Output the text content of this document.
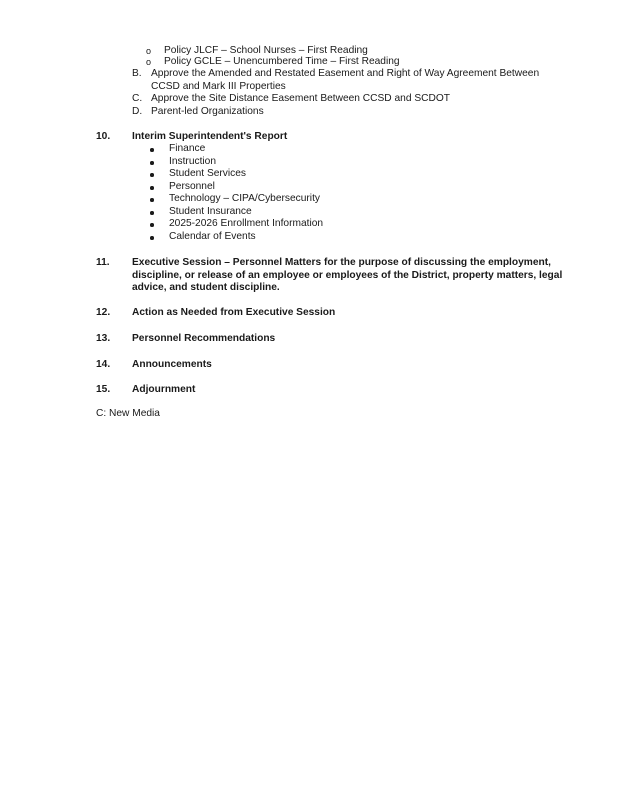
o Policy JLCF – School Nurses – First Reading
o Policy GCLE – Unencumbered Time – First Reading
B. Approve the Amended and Restated Easement and Right of Way Agreement Between
CCSD and Mark III Properties
C. Approve the Site Distance Easement Between CCSD and SCDOT
D. Parent-led Organizations
10. Interim Superintendent's Report
Finance
Instruction
Student Services
Personnel
Technology – CIPA/Cybersecurity
Student Insurance
2025-2026 Enrollment Information
Calendar of Events
11. Executive Session – Personnel Matters for the purpose of discussing the employment,
discipline, or release of an employee or employees of the District, property matters, legal
advice, and student discipline.
12. Action as Needed from Executive Session
13. Personnel Recommendations
14. Announcements
15. Adjournment
C: New Media
